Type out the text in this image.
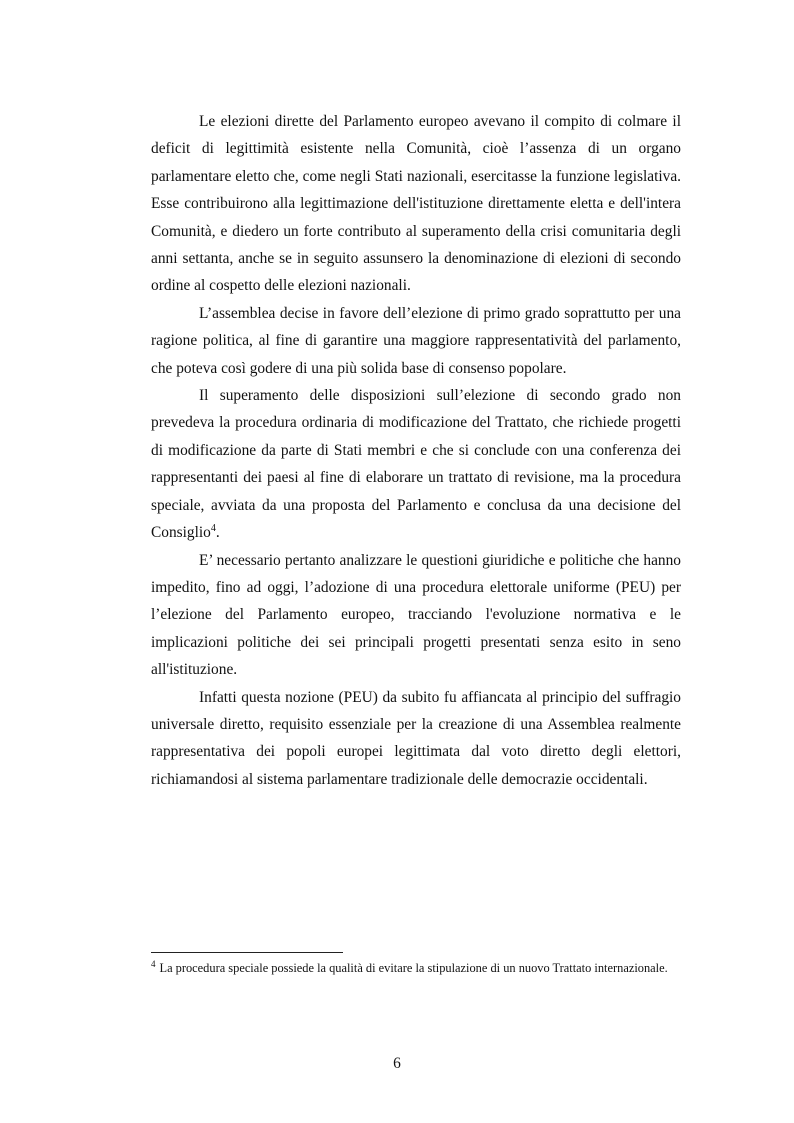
Le elezioni dirette del Parlamento europeo avevano il compito di colmare il deficit di legittimità esistente nella Comunità, cioè l’assenza di un organo parlamentare eletto che, come negli Stati nazionali, esercitasse la funzione legislativa. Esse contribuirono alla legittimazione dell'istituzione direttamente eletta e dell'intera Comunità, e diedero un forte contributo al superamento della crisi comunitaria degli anni settanta, anche se in seguito assunsero la denominazione di elezioni di secondo ordine al cospetto delle elezioni nazionali.

L’assemblea decise in favore dell’elezione di primo grado soprattutto per una ragione politica, al fine di garantire una maggiore rappresentatività del parlamento, che poteva così godere di una più solida base di consenso popolare.

Il superamento delle disposizioni sull’elezione di secondo grado non prevedeva la procedura ordinaria di modificazione del Trattato, che richiede progetti di modificazione da parte di Stati membri e che si conclude con una conferenza dei rappresentanti dei paesi al fine di elaborare un trattato di revisione, ma la procedura speciale, avviata da una proposta del Parlamento e conclusa da una decisione del Consiglio$^4$.

E’ necessario pertanto analizzare le questioni giuridiche e politiche che hanno impedito, fino ad oggi, l’adozione di una procedura elettorale uniforme (PEU) per l’elezione del Parlamento europeo, tracciando l'evoluzione normativa e le implicazioni politiche dei sei principali progetti presentati senza esito in seno all'istituzione.

Infatti questa nozione (PEU) da subito fu affiancata al principio del suffragio universale diretto, requisito essenziale per la creazione di una Assemblea realmente rappresentativa dei popoli europei legittimata dal voto diretto degli elettori, richiamandosi al sistema parlamentare tradizionale delle democrazie occidentali.

$^4$ La procedura speciale possiede la qualità di evitare la stipulazione di un nuovo Trattato internazionale.
6
